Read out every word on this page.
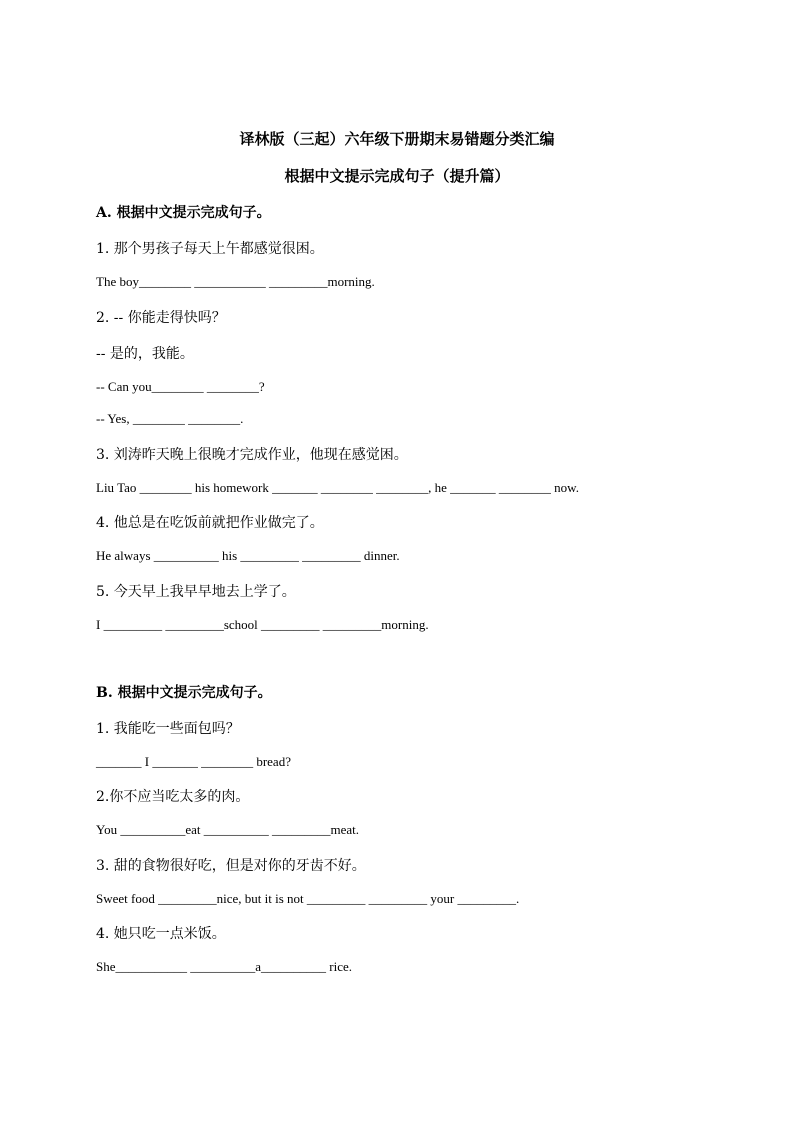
译林版（三起）六年级下册期末易错题分类汇编
根据中文提示完成句子（提升篇）
A. 根据中文提示完成句子。
1. 那个男孩子每天上午都感觉很困。
The boy________ ___________ _________morning.
2. -- 你能走得快吗？
-- 是的，我能。
-- Can you________ ________?
-- Yes, ________ ________.
3. 刘涛昨天晚上很晚才完成作业，他现在感觉困。
Liu Tao ________ his homework _______ ________ ________, he _______ ________ now.
4. 他总是在吃饭前就把作业做完了。
He always __________ his _________ _________ dinner.
5. 今天早上我早早地去上学了。
I _________ _________school _________ _________morning.
B. 根据中文提示完成句子。
1. 我能吃一些面包吗？
_______ I _______ ________ bread?
2.你不应当吃太多的肉。
You __________eat __________ _________meat.
3. 甜的食物很好吃，但是对你的牙齿不好。
Sweet food _________nice, but it is not _________ _________ your _________.
4. 她只吃一点米饭。
She___________ __________a__________ rice.
